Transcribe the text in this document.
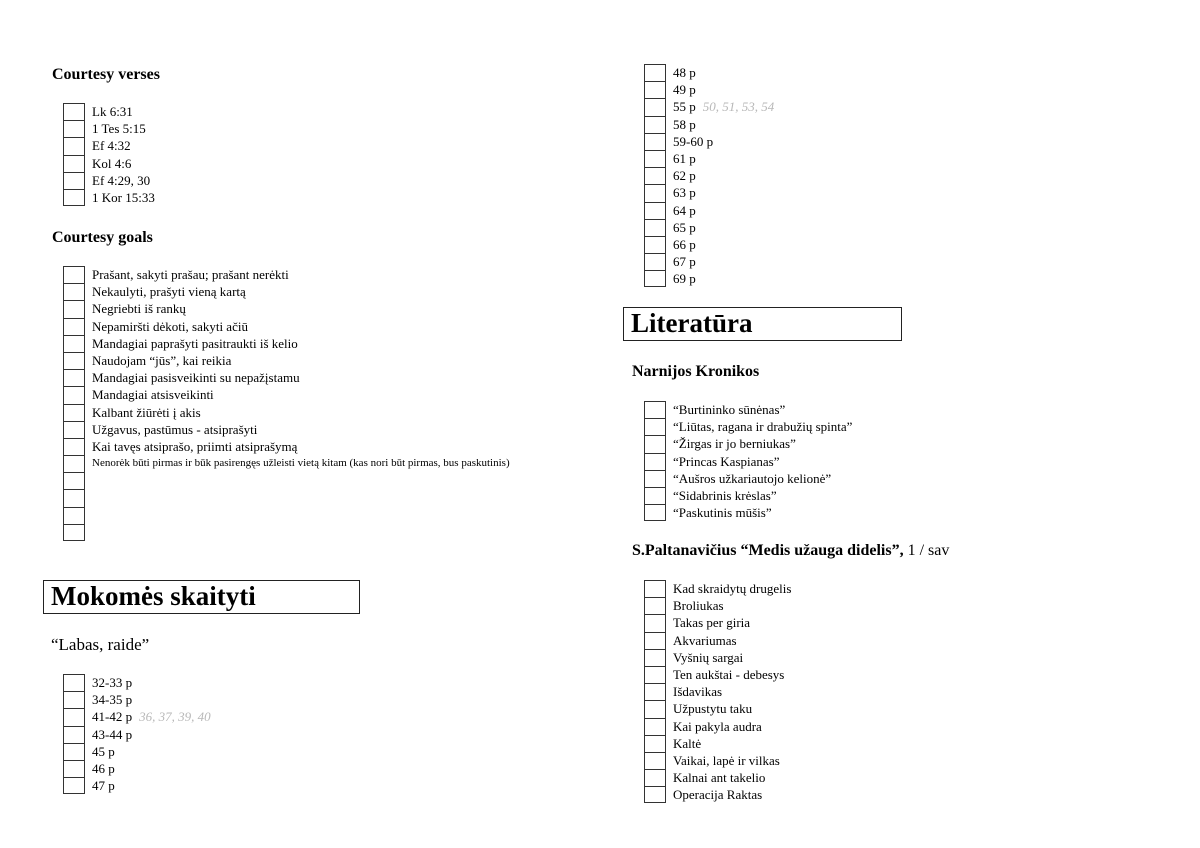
Courtesy verses
Lk 6:31
1 Tes 5:15
Ef 4:32
Kol 4:6
Ef 4:29, 30
1 Kor 15:33
Courtesy goals
Prašant, sakyti prašau; prašant nerėkti
Nekaulyti, prašyti vieną kartą
Negriebti iš rankų
Nepamiršti dėkoti, sakyti ačiū
Mandagiai paprašyti pasitraukti iš kelio
Naudojam “jūs”, kai reikia
Mandagiai pasisveikinti su nepažįstamu
Mandagiai atsisveikinti
Kalbant žiūrėti į akis
Užgavus, pastūmus - atsiprašyti
Kai tavęs atsiprašo, priimti atsiprašymą
Nenorėk būti pirmas ir būk pasirengęs užleisti vietą kitam (kas nori būt pirmas, bus paskutinis)
Mokomės skaityti
“Labas, raide”
32-33 p
34-35 p
41-42 p 36, 37, 39, 40
43-44 p
45 p
46 p
47 p
48 p
49 p
55 p 50, 51, 53, 54
58 p
59-60 p
61 p
62 p
63 p
64 p
65 p
66 p
67 p
69 p
Literatūra
Narnijos Kronikos
“Burtininko sūnėnas”
“Liūtas, ragana ir drabužių spinta”
“Žirgas ir jo berniukas”
“Princas Kaspianas”
“Aušros užkariautojo kelionė”
“Sidabrinis krėslas”
“Paskutinis mūšis”
S.Paltanavičius “Medis užauga didelis”, 1 / sav
Kad skraidytų drugelis
Broliukas
Takas per giria
Akvariumas
Vyšnių sargai
Ten aukštai - debesys
Išdavikas
Užpustytu taku
Kai pakyla audra
Kaltė
Vaikai, lapė ir vilkas
Kalnai ant takelio
Operacija Raktas
